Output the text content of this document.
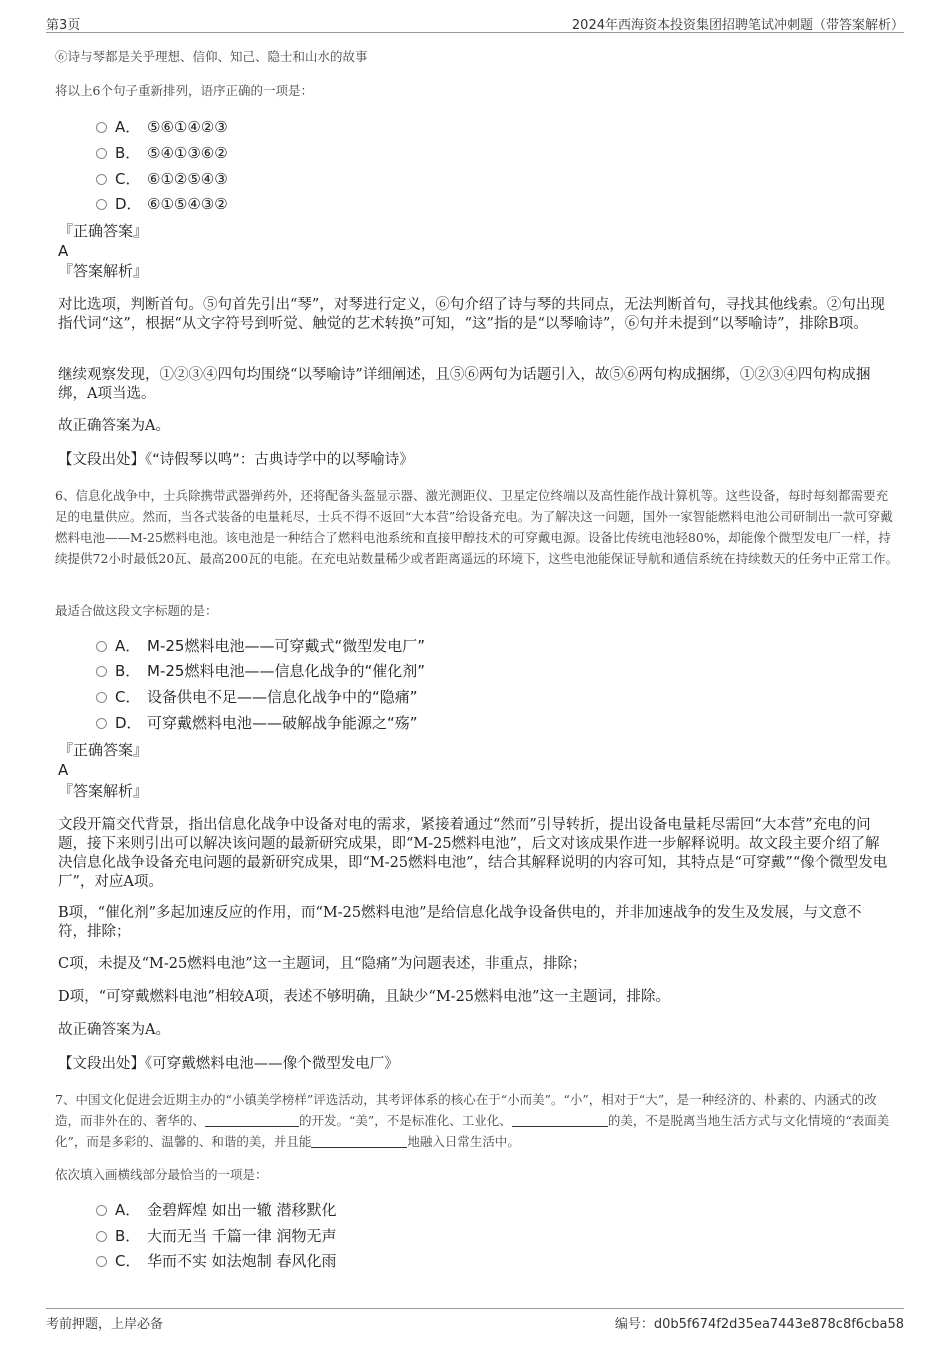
第3页	2024年西海资本投资集团招聘笔试冲刺题（带答案解析）
⑥诗与琴都是关乎理想、信仰、知己、隐士和山水的故事
将以上6个句子重新排列，语序正确的一项是：
A． ⑤⑥①④②③
B． ⑤④①③⑥②
C． ⑥①②⑤④③
D． ⑥①⑤④③②
『正确答案』
A
『答案解析』
对比选项，判断首句。⑤句首先引出“琴”，对琴进行定义，⑥句介绍了诗与琴的共同点，无法判断首句，寻找其他线索。②句出现指代词“这”，根据“从文字符号到听觉、触觉的艺术转换”可知，“这”指的是“以琴喻诗”，⑥句并未提到“以琴喻诗”，排除B项。
继续观察发现，①②③④四句均围绕“以琴喻诗”详细阐述，且⑤⑥两句为话题引入，故⑤⑥两句构成捆绑，①②③④四句构成捆绑，A项当选。
故正确答案为A。
【文段出处】《“诗假琴以鸣”：古典诗学中的以琴喻诗》
6、信息化战争中，士兵除携带武器弹药外，还将配备头盔显示器、激光测距仪、卫星定位终端以及高性能作战计算机等。这些设备，每时每刻都需要充足的电量供应。然而，当各式装备的电量耗尽，士兵不得不返回“大本营”给设备充电。为了解决这一问题，国外一家智能燃料电池公司研制出一款可穿戴燃料电池——M-25燃料电池。该电池是一种结合了燃料电池系统和直接甲醇技术的可穿戴电源。设备比传统电池轻80%，却能像个微型发电厂一样，持续提供72小时最低20瓦、最高200瓦的电能。在充电站数量稀少或者距离遥远的环境下，这些电池能保证导航和通信系统在持续数天的任务中正常工作。
最适合做这段文字标题的是：
A． M-25燃料电池——可穿戴式“微型发电厂”
B． M-25燃料电池——信息化战争的“催化剂”
C． 设备供电不足——信息化战争中的“隐痛”
D． 可穿戴燃料电池——破解战争能源之“殇”
『正确答案』
A
『答案解析』
文段开篇交代背景，指出信息化战争中设备对电的需求，紧接着通过“然而”引导转折，提出设备电量耗尽需回“大本营”充电的问题，接下来则引出可以解决该问题的最新研究成果，即“M-25燃料电池”，后文对该成果作进一步解释说明。故文段主要介绍了解决信息化战争设备充电问题的最新研究成果，即“M-25燃料电池”，结合其解释说明的内容可知，其特点是“可穿戴”“像个微型发电厂”，对应A项。
B项，“催化剂”多起加速反应的作用，而“M-25燃料电池”是给信息化战争设备供电的，并非加速战争的发生及发展，与文意不符，排除；
C项，未提及“M-25燃料电池”这一主题词，且“隐痛”为问题表述，非重点，排除；
D项，“可穿戴燃料电池”相较A项，表述不够明确，且缺少“M-25燃料电池”这一主题词，排除。
故正确答案为A。
【文段出处】《可穿戴燃料电池——像个微型发电厂》
7、中国文化促进会近期主办的“小镇美学榜样”评选活动，其考评体系的核心在于“小而美”。“小”，相对于“大”，是一种经济的、朴素的、内涵式的改造，而非外在的、奢华的、	的开发。“美”，不是标准化、工业化、	的美，不是脱离当地生活方式与文化情境的“表面美化”，而是多彩的、温馨的、和谐的美，并且能	地融入日常生活中。
依次填入画横线部分最恰当的一项是：
A． 金碧辉煌 如出一辙 潜移默化
B． 大而无当 千篇一律 润物无声
C． 华而不实 如法炮制 春风化雨
考前押题，上岸必备	编号：d0b5f674f2d35ea7443e878c8f6cba58
